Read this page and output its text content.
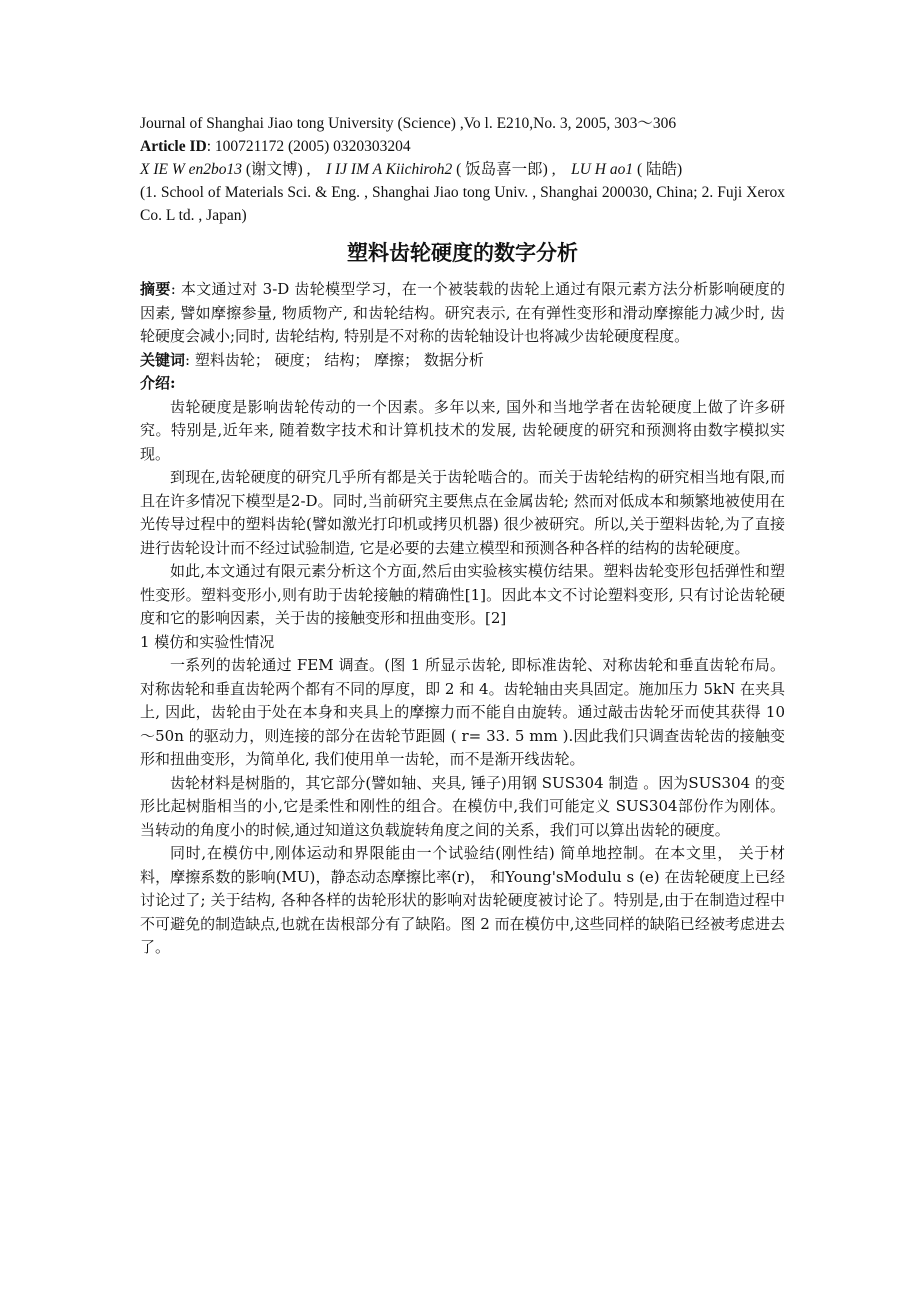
Journal of Shanghai Jiao tong University (Science) ,Vo l. E210,No. 3, 2005, 303～306

Article ID: 100721172 (2005) 0320303204

X IE W en2bo13 (谢文博) , I IJ IM A Kiichiroh2 ( 饭岛喜一郎) , LU H ao1 ( 陆皓)

(1. School of Materials Sci. & Eng. , Shanghai Jiao tong Univ. , Shanghai 200030, China; 2. Fuji Xerox Co. L td. , Japan)

塑料齿轮硬度的数字分析

摘要: 本文通过对 3-D 齿轮模型学习，在一个被装载的齿轮上通过有限元素方法分析影响硬度的因素, 譬如摩擦参量, 物质物产, 和齿轮结构。研究表示, 在有弹性变形和滑动摩擦能力减少时, 齿轮硬度会减小;同时, 齿轮结构, 特别是不对称的齿轮轴设计也将减少齿轮硬度程度。

关键词: 塑料齿轮； 硬度； 结构； 摩擦； 数据分析

介绍:

齿轮硬度是影响齿轮传动的一个因素。多年以来, 国外和当地学者在齿轮硬度上做了许多研究。特别是,近年来, 随着数字技术和计算机技术的发展, 齿轮硬度的研究和预测将由数字模拟实现。

到现在,齿轮硬度的研究几乎所有都是关于齿轮啮合的。而关于齿轮结构的研究相当地有限,而且在许多情况下模型是2-D。同时,当前研究主要焦点在金属齿轮; 然而对低成本和频繁地被使用在光传导过程中的塑料齿轮(譬如激光打印机或拷贝机器) 很少被研究。所以,关于塑料齿轮,为了直接进行齿轮设计而不经过试验制造, 它是必要的去建立模型和预测各种各样的结构的齿轮硬度。

如此,本文通过有限元素分析这个方面,然后由实验核实模仿结果。塑料齿轮变形包括弹性和塑性变形。塑料变形小,则有助于齿轮接触的精确性[1]。因此本文不讨论塑料变形, 只有讨论齿轮硬度和它的影响因素，关于齿的接触变形和扭曲变形。[2]

1 模仿和实验性情况

一系列的齿轮通过 FEM 调查。(图 1 所显示齿轮, 即标准齿轮、对称齿轮和垂直齿轮布局。对称齿轮和垂直齿轮两个都有不同的厚度，即 2 和 4。齿轮轴由夹具固定。施加压力 5kN 在夹具上, 因此，齿轮由于处在本身和夹具上的摩擦力而不能自由旋转。通过敲击齿轮牙而使其获得 10～50n 的驱动力，则连接的部分在齿轮节距圆 ( r= 33. 5 mm ).因此我们只调查齿轮齿的接触变形和扭曲变形，为简单化, 我们使用单一齿轮，而不是渐开线齿轮。

齿轮材料是树脂的，其它部分(譬如轴、夹具, 锤子)用钢 SUS304 制造 。因为SUS304 的变形比起树脂相当的小,它是柔性和刚性的组合。在模仿中,我们可能定义 SUS304部份作为刚体。当转动的角度小的时候,通过知道这负载旋转角度之间的关系，我们可以算出齿轮的硬度。

同时,在模仿中,刚体运动和界限能由一个试验结(刚性结) 简单地控制。在本文里， 关于材料，摩擦系数的影响(MU)，静态动态摩擦比率(r)， 和Young'sModulu s (e) 在齿轮硬度上已经讨论过了; 关于结构, 各种各样的齿轮形状的影响对齿轮硬度被讨论了。特别是,由于在制造过程中不可避免的制造缺点,也就在齿根部分有了缺陷。图 2 而在模仿中,这些同样的缺陷已经被考虑进去了。
